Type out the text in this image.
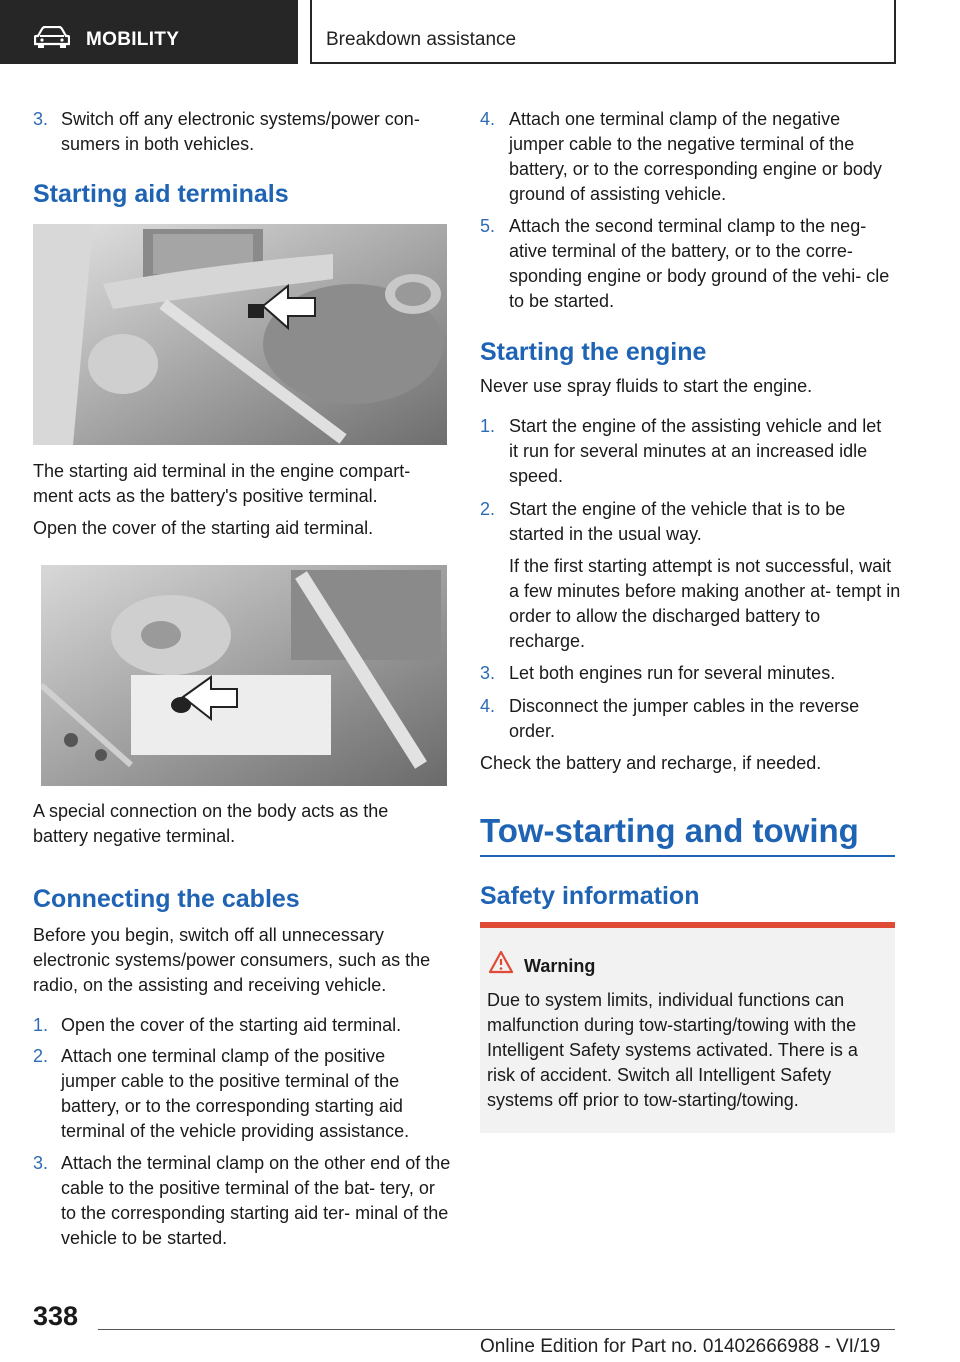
MOBILITY	Breakdown assistance
3. Switch off any electronic systems/power con- sumers in both vehicles.
Starting aid terminals
The starting aid terminal in the engine compart- ment acts as the battery's positive terminal.
Open the cover of the starting aid terminal.
A special connection on the body acts as the battery negative terminal.
Connecting the cables
Before you begin, switch off all unnecessary electronic systems/power consumers, such as the radio, on the assisting and receiving vehicle.
1. Open the cover of the starting aid terminal.
2. Attach one terminal clamp of the positive jumper cable to the positive terminal of the battery, or to the corresponding starting aid terminal of the vehicle providing assistance.
3. Attach the terminal clamp on the other end of the cable to the positive terminal of the bat- tery, or to the corresponding starting aid ter- minal of the vehicle to be started.
4. Attach one terminal clamp of the negative jumper cable to the negative terminal of the battery, or to the corresponding engine or body ground of assisting vehicle.
5. Attach the second terminal clamp to the neg- ative terminal of the battery, or to the corre- sponding engine or body ground of the vehi- cle to be started.
Starting the engine
Never use spray fluids to start the engine.
1. Start the engine of the assisting vehicle and let it run for several minutes at an increased idle speed.
2. Start the engine of the vehicle that is to be started in the usual way.
If the first starting attempt is not successful, wait a few minutes before making another at- tempt in order to allow the discharged battery to recharge.
3. Let both engines run for several minutes.
4. Disconnect the jumper cables in the reverse order.
Check the battery and recharge, if needed.
Tow-starting and towing
Safety information
Warning
Due to system limits, individual functions can malfunction during tow-starting/towing with the Intelligent Safety systems activated. There is a risk of accident. Switch all Intelligent Safety systems off prior to tow-starting/towing.
338
Online Edition for Part no. 01402666988 - VI/19
